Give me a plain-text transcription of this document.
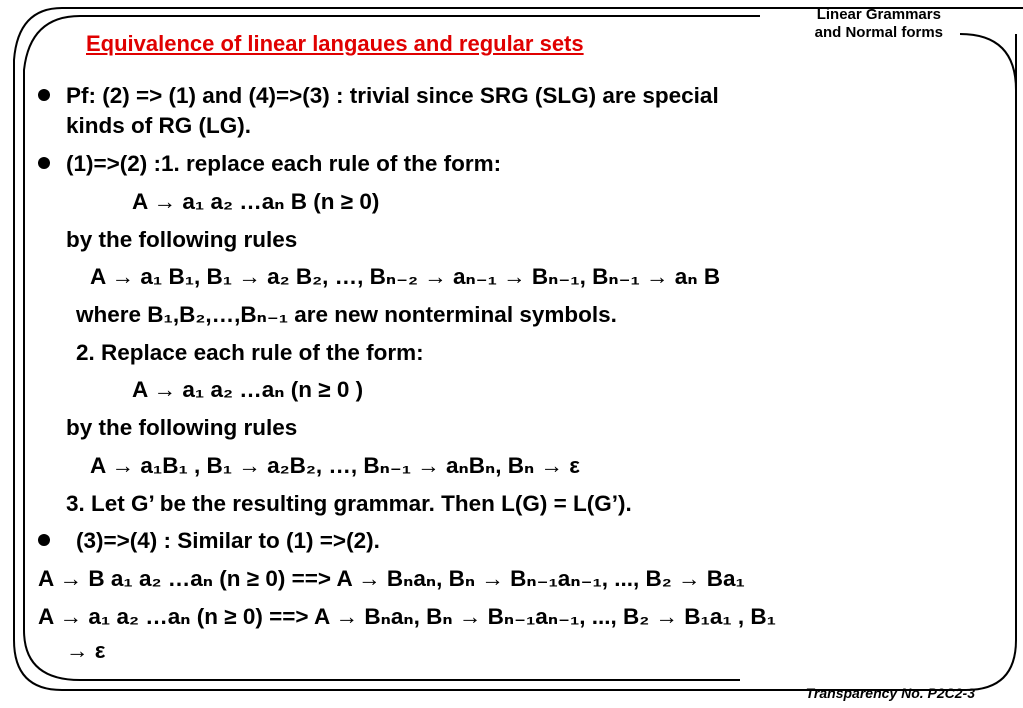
Linear Grammars
and Normal forms
Equivalence of linear langaues and regular sets
Pf: (2) => (1) and (4)=>(3) : trivial since SRG (SLG) are special
kinds of RG (LG).
(1)=>(2) :1. replace each rule of the form:
A → a₁ a₂ …aₙ B (n ≥ 0)
by the following rules
A → a₁ B₁, B₁ → a₂ B₂, …, Bₙ₋₂ → aₙ₋₁ → Bₙ₋₁, Bₙ₋₁ → aₙ B
where B₁,B₂,…,Bₙ₋₁ are new nonterminal symbols.
2. Replace each rule of the form:
A → a₁ a₂ …aₙ (n ≥ 0 )
by the following rules
A → a₁B₁ , B₁ → a₂B₂, …, Bₙ₋₁ → aₙBₙ, Bₙ → ε
3. Let G’ be the resulting grammar. Then L(G) = L(G’).
(3)=>(4) : Similar to (1) =>(2).
A → B a₁ a₂ …aₙ (n ≥ 0) ==> A → Bₙaₙ, Bₙ → Bₙ₋₁aₙ₋₁, ..., B₂ → Ba₁
A → a₁ a₂ …aₙ (n ≥ 0) ==> A → Bₙaₙ, Bₙ → Bₙ₋₁aₙ₋₁, ..., B₂ → B₁a₁ , B₁
→ ε
Transparency No. P2C2-3
